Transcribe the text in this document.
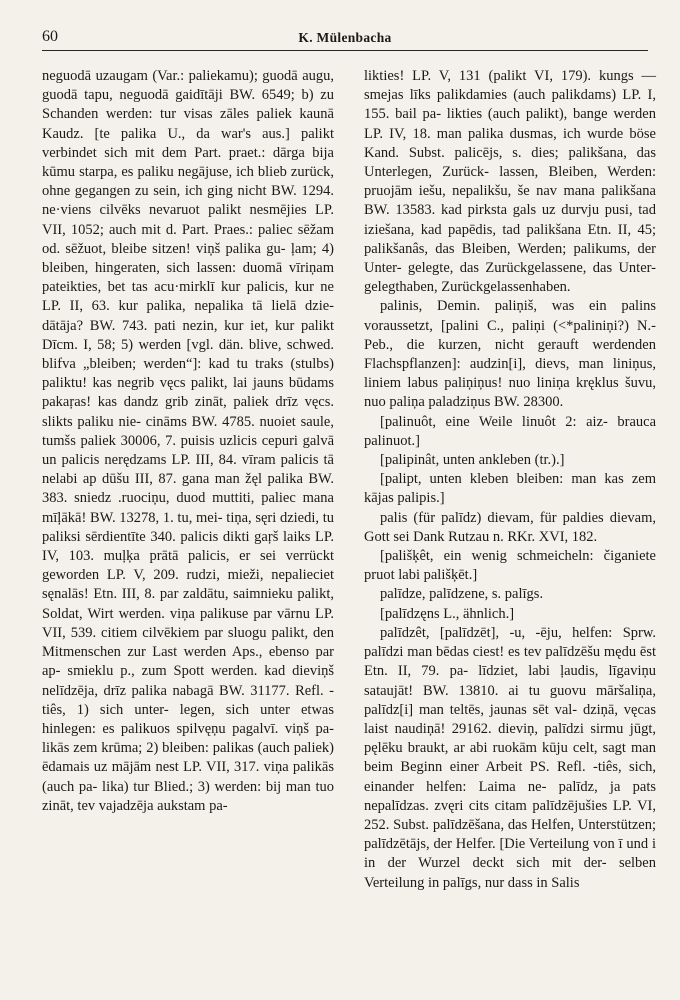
60	K. Mülenbacha

neguodā uzaugam (Var.: paliekamu); guodā augu, guodā tapu, neguodā gaidītāji BW. 6549; b) zu Schanden werden: tur visas zāles paliek kaunā Kaudz. [te palika U., da war's aus.] palikt verbindet sich mit dem Part. praet.: dārga bija kūmu starpa, es paliku negājuse, ich blieb zurück, ohne gegangen zu sein, ich ging nicht BW. 1294. ne·viens cilvēks nevaruot palikt nesmējies LP. VII, 1052; auch mit d. Part. Praes.: paliec sēžam od. sēžuot, bleibe sitzen! viņš palika gu- ļam; 4) bleiben, hingeraten, sich lassen: duomā vīriņam pateikties, bet tas acu·mirklī kur palicis, kur ne LP. II, 63. kur palika, nepalika tā lielā dzie- dātāja? BW. 743. pati nezin, kur iet, kur palikt Dīcm. I, 58; 5) werden [vgl. dän. blive, schwed. blifva „bleiben; werden“]: kad tu traks (stulbs) paliktu! kas negrib vęcs palikt, lai jauns būdams pakaŗas! kas dandz grib zināt, paliek drīz vęcs. slikts paliku nie- cināms BW. 4785. nuoiet saule, tumšs paliek 30006, 7. puisis uzlicis cepuri galvā un palicis nerędzams LP. III, 84. vīram palicis tā nelabi ap dūšu III, 87. gana man žęl palika BW. 383. sniedz .ruociņu, duod muttiti, paliec mana mīļākā! BW. 13278, 1. tu, mei- tiņa, sęri dziedi, tu paliksi sērdientīte 340. palicis dikti gaŗš laiks LP. IV, 103. muļķa prātā palicis, er sei verrückt geworden LP. V, 209. rudzi, mieži, nepalieciet sęnalās! Etn. III, 8. par zaldātu, saimnieku palikt, Soldat, Wirt werden. viņa palikuse par vārnu LP. VII, 539. citiem cilvēkiem par sluogu palikt, den Mitmenschen zur Last werden Aps., ebenso par ap- smieklu p., zum Spott werden. kad dieviņš nelīdzēja, drīz palika nabagā BW. 31177. Refl. -tiês, 1) sich unter- legen, sich unter etwas hinlegen: es palikuos spilvęņu pagalvī. viņš pa- likās zem krūma; 2) bleiben: palikas (auch paliek) ēdamais uz mājām nest LP. VII, 317. viņa palikās (auch pa- lika) tur Blied.; 3) werden: bij man tuo zināt, tev vajadzēja aukstam pa-

likties! LP. V, 131 (palikt VI, 179). kungs — smejas līks palikdamies (auch palikdams) LP. I, 155. bail pa- likties (auch palikt), bange werden LP. IV, 18. man palika dusmas, ich wurde böse Kand. Subst. palicējs, s. dies; palikšana, das Unterlegen, Zurück- lassen, Bleiben, Werden: pruojām iešu, nepalikšu, še nav mana palikšana BW. 13583. kad pirksta gals uz durvju pusi, tad iziešana, kad papēdis, tad palikšana Etn. II, 45; palikšanâs, das Bleiben, Werden; palikums, der Unter- gelegte, das Zurückgelassene, das Unter- gelegthaben, Zurückgelassenhaben.

palinis, Demin. paliņiš, was ein palins voraussetzt, [palini C., paliņi (<*paliniņi?) N.-Peb., die kurzen, nicht gerauft werdenden Flachspflanzen]: audzin[i], dievs, man liniņus, liniem labus paliņiņus! nuo liniņa kręklus šuvu, nuo paliņa paladziņus BW. 28300.

[palinuôt, eine Weile linuôt 2: aiz- brauca palinuot.]

[palipinât, unten ankleben (tr.).]

[palipt, unten kleben bleiben: man kas zem kājas palipis.]

palis (für palīdz) dievam, für paldies dievam, Gott sei Dank Rutzau n. RKr. XVI, 182.

[pališķêt, ein wenig schmeicheln: čiganiete pruot labi pališķēt.]

palīdze, palīdzene, s. palīgs.

[palīdzęns L., ähnlich.]

palīdzêt, [palīdzēt], -u, -ēju, helfen: Sprw. palīdzi man bēdas ciest! es tev palīdzēšu mędu ēst Etn. II, 79. pa- līdziet, labi ļaudis, līgaviņu sataujāt! BW. 13810. ai tu guovu māršaliņa, palīdz[i] man teltēs, jaunas sēt val- dziņā, vęcas laist naudiņā! 29162. dieviņ, palīdzi sirmu jūgt, pęlēku braukt, ar abi ruokām kūju celt, sagt man beim Beginn einer Arbeit PS. Refl. -tiês, sich, einander helfen: Laima ne- palīdz, ja pats nepalīdzas. zvęri cits citam palīdzējušies LP. VI, 252. Subst. palīdzēšana, das Helfen, Unterstützen; palīdzētājs, der Helfer. [Die Verteilung von ī und i in der Wurzel deckt sich mit der- selben Verteilung in palīgs, nur dass in Salis
